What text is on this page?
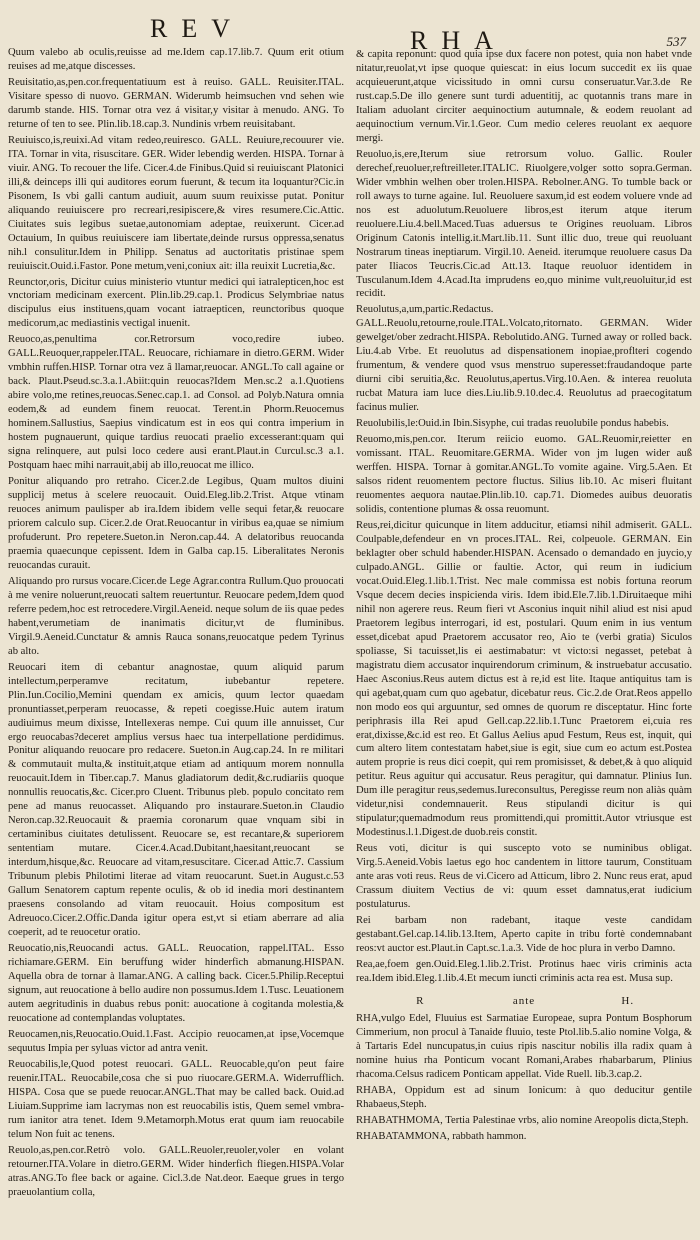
REV	RHA	537

Quum valebo ab oculis,reuisse ad me.Idem cap.17.lib.7. Quum erit otium reuises ad me,atque discesses.

Reuisitatio,as,pen.cor.frequentatiuum est à reuiso. GALL. Reuisiter.ITAL. Visitare spesso di nuovo. GERMAN. Widerumb heimsuchen vnd sehen wie darumb stande. HIS. Tornar otra vez á visitar,y visitar à menudo. ANG. To returne of ten to see. Plin.lib.18.cap.3. Nundinis vrbem reuisitabant.

Reuiuisco,is,reuixi.Ad vitam redeo,reuiresco. GALL. Reuiure,recouurer vie. ITA. Tornar in vita, risuscitare. GER. Wider lebendig werden. HISPA. Tornar à viuir. ANG. To recouer the life. Cicer.4.de Finibus.Quid si reuiuiscant Platonici illi,& deinceps illi qui auditores eorum fuerunt, & tecum ita loquantur?Cic.in Pisonem, Is vbi galli cantum audiuit, auum suum reuixisse putat. Ponitur aliquando reuiuiscere pro recreari,resipiscere,& vires resumere.Cic.Attic. Ciuitates suis legibus suetae,autonomiam adeptae, reuixerunt. Cicer.ad Octauium, In quibus reuiuiscere iam libertate,deinde rursus oppressa,senatus nih.l consulitur.Idem in Philipp. Senatus ad auctoritatis pristinae spem reuiuiscit.Ouid.i.Fastor. Pone metum,veni,coniux ait: illa reuixit Lucretia,&c.

Reunctor,oris, Dicitur cuius ministerio vtuntur medici qui iatralepticen,hoc est vnctoriam medicinam exercent. Plin.lib.29.cap.1. Prodicus Selymbriae natus discipulus eius instituens,quam vocant iatraepticen, reunctoribus quoque medicorum,ac mediastinis vectigal inuenit.

Reuoco,as,penultima cor.Retrorsum voco,redire iubeo. GALL.Reuoquer,rappeler.ITAL. Reuocare, richiamare in dietro.GERM. Wider vmbhin ruffen.HISP. Tornar otra vez â llamar,reuocar. ANGL.To call againe or back. Plaut.Pseud.sc.3.a.1.Abiit:quin reuocas?Idem Men.sc.2 a.1.Quotiens abire volo,me retines,reuocas.Senec.cap.1. ad Consol. ad Polyb.Natura omnia eodem,& ad eundem finem reuocat. Terent.in Phorm.Reuocemus hominem.Sallustius, Saepius vindicatum est in eos qui contra imperium in hostem pugnauerunt, quique tardius reuocati praelio excesserant:quam qui signa relinquere, aut pulsi loco cedere ausi erant.Plaut.in Curcul.sc.3 a.1. Postquam haec mihi narrauit,abij ab illo,reuocat me illico.

Ponitur aliquando pro retraho. Cicer.2.de Legibus, Quam multos diuini supplicij metus à scelere reuocauit. Ouid.Eleg.lib.2.Trist. Atque vtinam reuoces animum paulisper ab ira.Idem ibidem velle sequi fetar,& reuocare priorem calculo sup. Cicer.2.de Orat.Reuocantur in viribus ea,quae se nimium profuderunt. Pro repetere.Sueton.in Neron.cap.44. A delatoribus reuocanda praemia quaecunque cepissent. Idem in Galba cap.15. Liberalitates Neronis reuocandas curauit.

Aliquando pro rursus vocare.Cicer.de Lege Agrar.contra Rullum.Quo prouocati à me venire noluerunt,reuocati saltem reuertuntur. Reuocare pedem,Idem quod referre pedem,hoc est retrocedere.Virgil.Aeneid. neque solum de iis quae pedes habent,verumetiam de inanimatis dicitur,vt de fluminibus. Virgil.9.Aeneid.Cunctatur & amnis Rauca sonans,reuocatque pedem Tyrinus ab alto.

Reuocari item di cebantur anagnostae, quum aliquid parum intellectum,perperamve recitatum, iubebantur repetere. Plin.Iun.Cocilio,Memini quendam ex amicis, quum lector quaedam pronuntiasset,perperam reuocasse, & repeti coegisse.Huic autem iratum audiuimus meum dixisse, Intellexeras nempe. Cui quum ille annuisset, Cur ergo reuocabas?deceret amplius versus haec tua interpellatione perdidimus. Ponitur aliquando reuocare pro redacere. Sueton.in Aug.cap.24. In re militari & commutauit multa,& instituit,atque etiam ad antiquum morem nonnulla reuocauit.Idem in Tiber.cap.7. Manus gladiatorum dedit,&c.rudiariis quoque nonnullis reuocatis,&c. Cicer.pro Cluent. Tribunus pleb. populo concitato rem pene ad manus reuocasset. Aliquando pro instaurare.Sueton.in Claudio Neron.cap.32.Reuocauit & praemia coronarum quae vnquam sibi in certaminibus ciuitates detulissent. Reuocare se, est recantare,& superiorem sententiam mutare. Cicer.4.Acad.Dubitant,haesitant,reuocant se interdum,hisque,&c. Reuocare ad vitam,resuscitare. Cicer.ad Attic.7. Cassium Tribunum plebis Philotimi literae ad vitam reuocarunt. Suet.in August.c.53 Gallum Senatorem captum repente oculis, & ob id inedia mori destinantem praesens consolando ad vitam reuocauit. Hoius compositum est Adreuoco.Cicer.2.Offic.Danda igitur opera est,vt si etiam aberrare ad alia coeperit, ad te reuocetur oratio.

Reuocatio,nis,Reuocandi actus. GALL. Reuocation, rappel.ITAL. Esso richiamare.GERM. Ein beruffung wider hinderfich abmanung.HISPAN. Aquella obra de tornar à llamar.ANG. A calling back. Cicer.5.Philip.Receptui signum, aut reuocatione à bello audire non possumus.Idem 1.Tusc. Leuationem autem aegritudinis in duabus rebus ponit: auocatione à cogitanda molestia,& reuocatione ad contemplandas voluptates.

Reuocamen,nis,Reuocatio.Ouid.1.Fast. Accipio reuocamen,at ipse,Vocemque sequutus Impia per syluas victor ad antra venit.

Reuocabilis,le,Quod potest reuocari. GALL. Reuocable,qu'on peut faire reuenir.ITAL. Reuocabile,cosa che si puo riuocare.GERM.A. Widerrufflich. HISPA. Cosa que se puede reuocar.ANGL.That may be called back. Ouid.ad Liuiam.Supprime iam lacrymas non est reuocabilis istis, Quem semel vmbra-rum ianitor atra tenet. Idem 9.Metamorph.Motus erat quum iam reuocabile telum Non fuit ac tenens.

Reuolo,as,pen.cor.Retrò volo. GALL.Reuoler,reuoler,voler en volant retourner.ITA.Volare in dietro.GERM. Wider hinderfich fliegen.HISPA.Volar atras.ANG.To flee back or againe. Cicl.3.de Nat.deor. Eaeque grues in tergo praeuolantium colla,

& capita reponunt: quod quia ipse dux facere non potest, quia non habet vnde nitatur,reuolat,vt ipse quoque quiescat: in eius locum succedit ex iis quae acquieuerunt,atque vicissitudo in omni cursu conseruatur.Var.3.de Re rust.cap.5.De illo genere sunt turdi aduentitij, ac quotannis trans mare in Italiam aduolant circiter aequinoctium autumnale, & eodem reuolant ad aequinoctium vernum.Vir.1.Geor. Cum medio celeres reuolant ex aequore mergi.

Reuoluo,is,ere,Iterum siue retrorsum voluo. Gallic. Rouler derechef,reuoluer,reftreilleter.ITALIC. Riuolgere,volger sotto sopra.German. Wider vmbhin welhen ober trolen.HISPA. Rebolner.ANG. To tumble back or roll aways to turne againe. Iul. Reuoluere saxum,id est eodem voluere vnde ad nos est aduolutum.Reuoluere libros,est iterum atque iterum reuoluere.Liu.4.bell.Maced.Tuas aduersus te Origines reuoluam. Libros Originum Catonis intellig.it.Mart.lib.11. Sunt illic duo, treue qui reuoluant Nostrarum tineas ineptiarum. Virgil.10. Aeneid. iterumque reuoluere casus Da pater Iliacos Teucris.Cic.ad Att.13. Itaque reuoluor identidem in Tusculanum.Idem 4.Acad.Ita imprudens eo,quo minime vult,reuoluitur,id est recidit.

Reuolutus,a,um,partic.Redactus. GALL.Reuolu,retourne,roule.ITAL.Volcato,ritornato. GERMAN. Wider gewelget/ober zedracht.HISPA. Rebolutido.ANG. Turned away or rolled back. Liu.4.ab Vrbe. Et reuolutus ad dispensationem inopiae,proflteri cogendo frumentum, & vendere quod vsus menstruo superesset:fraudandoque parte diurni cibi seruitia,&c. Reuolutus,apertus.Virg.10.Aen. & interea reuoluta rucbat Matura iam luce dies.Liu.lib.9.10.dec.4. Reuolutus ad praecogitatum facinus mulier.

Reuolubilis,le:Ouid.in Ibin.Sisyphe, cui tradas reuolubile pondus habebis.

Reuomo,mis,pen.cor. Iterum reiicio euomo. GAL.Reuomir,reietter en vomissant. ITAL. Reuomitare.GERMA. Wider von jm lugen wider auß werffen. HISPA. Tornar à gomitar.ANGL.To vomite againe. Virg.5.Aen. Et salsos rident reuomentem pectore fluctus. Silius lib.10. Ac miseri fluitant reuomentes aequora nautae.Plin.lib.10. cap.71. Diomedes auibus deuoratis solidis, contentione plumas & ossa reuomunt.

Reus,rei,dicitur quicunque in litem adducitur, etiamsi nihil admiserit. GALL. Coulpable,defendeur en vn proces.ITAL. Rei, colpeuole. GERMAN. Ein beklagter ober schuld habender.HISPAN. Acensado o demandado en juycio,y culpado.ANGL. Gillie or faultie. Actor, qui reum in iudicium vocat.Ouid.Eleg.1.lib.1.Trist. Nec male commissa est nobis fortuna reorum Vsque decem decies inspicienda viris. Idem ibid.Ele.7.lib.1.Diruitaeque mihi nihil non agerere reus. Reum fieri vt Asconius inquit nihil aliud est nisi apud Praetorem legibus interrogari, id est, postulari. Quum enim in ius ventum esset,dicebat apud Praetorem accusator reo, Aio te (verbi gratia) Siculos spoliasse, Si tacuisset,lis ei aestimabatur: vt victo:si negasset, petebat à magistratu diem accusator inquirendorum criminum, & instruebatur accusatio. Haec Asconius.Reus autem dictus est à re,id est lite. Itaque antiquitus tam is qui agebat,quam cum quo agebatur, dicebatur reus. Cic.2.de Orat.Reos appello non modo eos qui arguuntur, sed omnes de quorum re disceptatur. Hinc forte periphrasis illa Rei apud Gell.cap.22.lib.1.Tunc Praetorem ei,cuia res erat,dixisse,&c.id est reo. Et Gallus Aelius apud Festum, Reus est, inquit, qui cum altero litem contestatam habet,siue is egit, siue cum eo actum est.Postea autem proprie is reus dici coepit, qui rem promisisset, & debet,& à quo aliquid petitur. Reus aguitur qui accusatur. Reus peragitur, qui damnatur. Plinius Iun. Dum ille peragitur reus,sedemus.Iureconsultus, Peregisse reum non aliàs quàm videtur,nisi condemnauerit. Reus stipulandi dicitur is qui stipulatur;quemadmodum reus promittendi,qui promittit.Autor vtriusque est Modestinus.l.1.Digest.de duob.reis constit.

Reus voti, dicitur is qui suscepto voto se numinibus obligat. Virg.5.Aeneid.Vobis laetus ego hoc candentem in littore taurum, Constituam ante aras voti reus. Reus de vi.Cicero ad Atticum, libro 2. Nunc reus erat, apud Crassum diuitem Vectius de vi: quum esset damnatus,erat iudicium postulaturus.

Rei barbam non radebant, itaque veste candidam gestabant.Gel.cap.14.lib.13.Item, Aperto capite in tribu fortè condemnabant reos:vt auctor est.Plaut.in Capt.sc.1.a.3. Vide de hoc plura in verbo Damno.

Rea,ae,foem gen.Ouid.Eleg.1.lib.2.Trist. Protinus haec viris criminis acta rea.Idem ibid.Eleg.1.lib.4.Et mecum iuncti criminis acta rea est. Musa sup.

R	ante	H.

RHA,vulgo Edel, Fluuius est Sarmatiae Europeae, supra Pontum Bosphorum Cimmerium, non procul à Tanaide fluuio, teste Ptol.lib.5.alio nomine Volga, & à Tartaris Edel nuncupatus,in cuius ripis nascitur nobilis illa radix quam à nomine huius rha Ponticum vocant Romani,Arabes rhabarbarum, Plinius rhacoma.Celsus radicem Ponticam appellat. Vide Ruell. lib.3.cap.2.

RHABA, Oppidum est ad sinum Ionicum: à quo deducitur gentile Rhabaeus,Steph.

RHABATHMOMA, Tertia Palestinae vrbs, alio nomine Areopolis dicta,Steph.

RHABATAMMONA, rabbath hammon.
